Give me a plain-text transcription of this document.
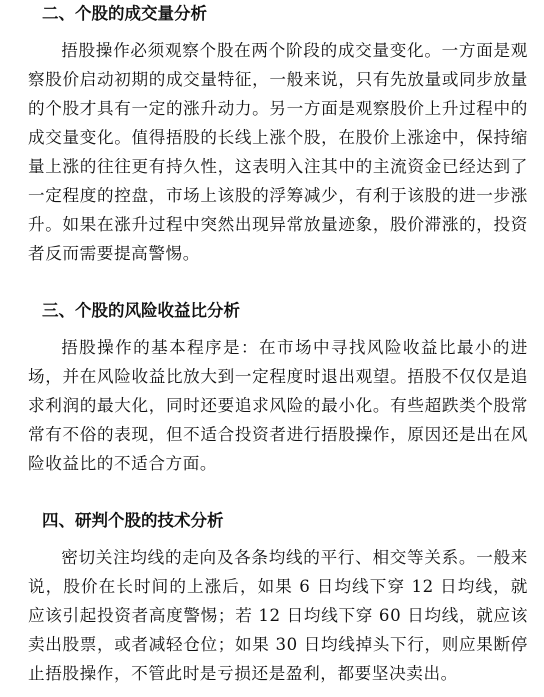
二、个股的成交量分析

捂股操作必须观察个股在两个阶段的成交量变化。一方面是观察股价启动初期的成交量特征，一般来说，只有先放量或同步放量的个股才具有一定的涨升动力。另一方面是观察股价上升过程中的成交量变化。值得捂股的长线上涨个股，在股价上涨途中，保持缩量上涨的往往更有持久性，这表明入注其中的主流资金已经达到了一定程度的控盘，市场上该股的浮筹减少，有利于该股的进一步涨升。如果在涨升过程中突然出现异常放量迹象，股价滞涨的，投资者反而需要提高警惕。

三、个股的风险收益比分析

捂股操作的基本程序是：在市场中寻找风险收益比最小的进场，并在风险收益比放大到一定程度时退出观望。捂股不仅仅是追求利润的最大化，同时还要追求风险的最小化。有些超跌类个股常常有不俗的表现，但不适合投资者进行捂股操作，原因还是出在风险收益比的不适合方面。

四、研判个股的技术分析

密切关注均线的走向及各条均线的平行、相交等关系。一般来说，股价在长时间的上涨后，如果 6 日均线下穿 12 日均线，就应该引起投资者高度警惕；若 12 日均线下穿 60 日均线，就应该卖出股票，或者减轻仓位；如果 30 日均线掉头下行，则应果断停止捂股操作，不管此时是亏损还是盈利，都要坚决卖出。
